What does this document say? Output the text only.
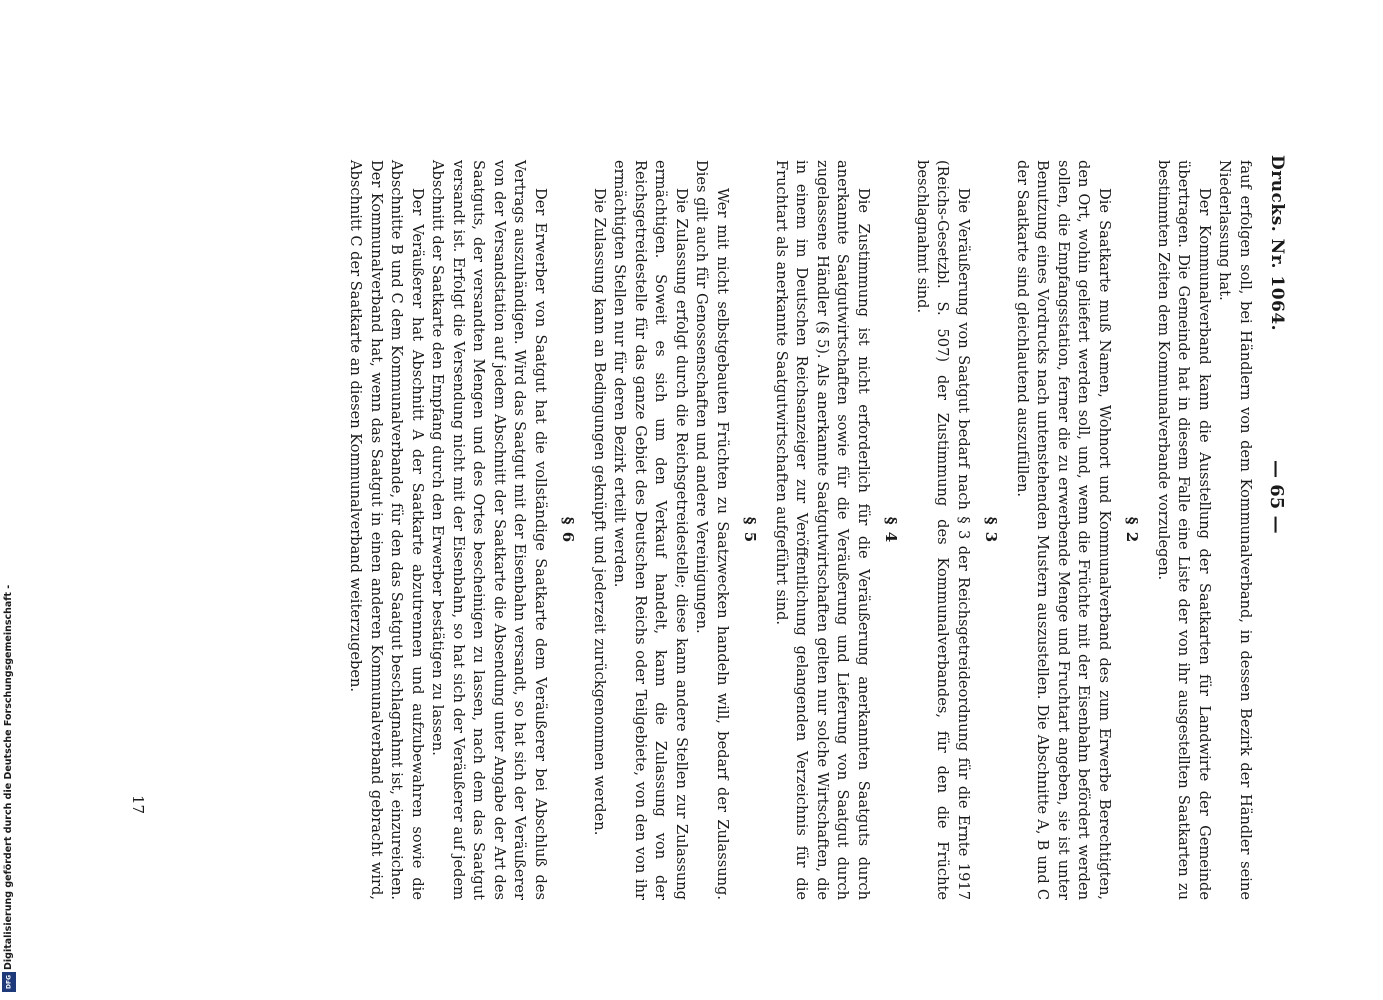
Drucks. Nr. 1064.
— 65 —

fauf erfolgen soll, bei Händlern von dem Kommunalverband, in dessen Bezirk der Händler seine Niederlassung hat.

Der Kommunalverband kann die Ausstellung der Saatkarten für Landwirte der Gemeinde übertragen. Die Gemeinde hat in diesem Falle eine Liste der von ihr ausgestellten Saatkarten zu bestimmten Zeiten dem Kommunalverbande vorzulegen.

§ 2

Die Saatkarte muß Namen, Wohnort und Kommunalverband des zum Erwerbe Berechtigten, den Ort, wohin geliefert werden soll, und, wenn die Früchte mit der Eisenbahn befördert werden sollen, die Empfangsstation, ferner die zu erwerbende Menge und Fruchtart angeben, sie ist unter Benutzung eines Vordrucks nach untenstehenden Mustern auszustellen. Die Abschnitte A, B und C der Saatkarte sind gleichlautend auszufüllen.

§ 3

Die Veräußerung von Saatgut bedarf nach § 3 der Reichsgetreideordnung für die Ernte 1917 (Reichs-Gesetzbl. S. 507) der Zustimmung des Kommunalverbandes, für den die Früchte beschlagnahmt sind.

§ 4

Die Zustimmung ist nicht erforderlich für die Veräußerung anerkannten Saatguts durch anerkannte Saatgutwirtschaften sowie für die Veräußerung und Lieferung von Saatgut durch zugelassene Händler (§ 5). Als anerkannte Saatgutwirtschaften gelten nur solche Wirtschaften, die in einem im Deutschen Reichsanzeiger zur Veröffentlichung gelangenden Verzeichnis für die Fruchtart als anerkannte Saatgutwirtschaften aufgeführt sind.

§ 5

Wer mit nicht selbstgebauten Früchten zu Saatzwecken handeln will, bedarf der Zulassung. Dies gilt auch für Genossenschaften und andere Vereinigungen.

Die Zulassung erfolgt durch die Reichsgetreidestelle; diese kann andere Stellen zur Zulassung ermächtigen. Soweit es sich um den Verkauf handelt, kann die Zulassung von der Reichsgetreidestelle für das ganze Gebiet des Deutschen Reichs oder Teilgebiete, von den von ihr ermächtigten Stellen nur für deren Bezirk erteilt werden.

Die Zulassung kann an Bedingungen geknüpft und jederzeit zurückgenommen werden.

§ 6

Der Erwerber von Saatgut hat die vollständige Saatkarte dem Veräußerer bei Abschluß des Vertrags auszuhändigen. Wird das Saatgut mit der Eisenbahn versandt, so hat sich der Veräußerer von der Versandstation auf jedem Abschnitt der Saatkarte die Absendung unter Angabe der Art des Saatguts, der versandten Mengen und des Ortes bescheinigen zu lassen, nach dem das Saatgut versandt ist. Erfolgt die Versendung nicht mit der Eisenbahn, so hat sich der Veräußerer auf jedem Abschnitt der Saatkarte den Empfang durch den Erwerber bestätigen zu lassen.

Der Veräußerer hat Abschnitt A der Saatkarte abzutrennen und aufzubewahren sowie die Abschnitte B und C dem Kommunalverbande, für den das Saatgut beschlagnahmt ist, einzureichen. Der Kommunalverband hat, wenn das Saatgut in einen anderen Kommunalverband gebracht wird, Abschnitt C der Saatkarte an diesen Kommunalverband weiterzugeben.

17
Digitalisierung gefördert durch die Deutsche Forschungsgemeinschaft -
DFG
